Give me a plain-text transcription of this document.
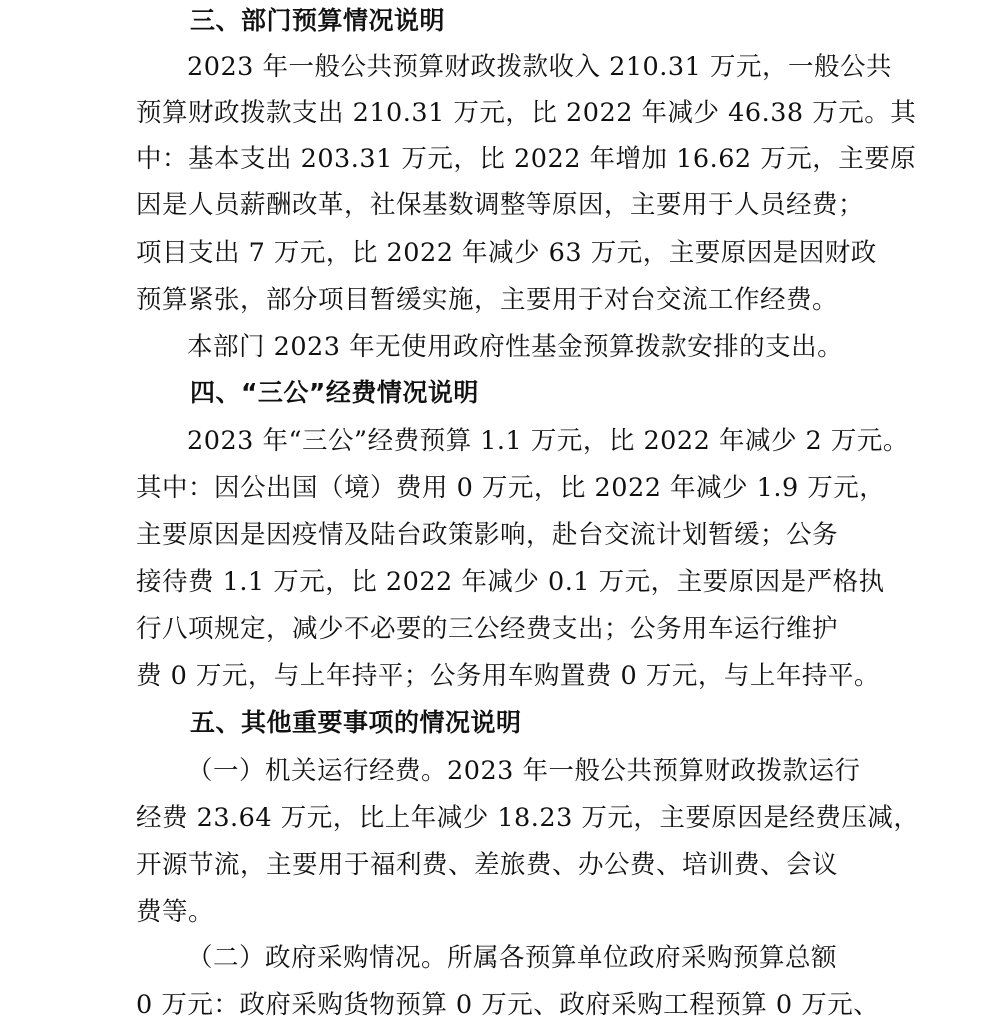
三、部门预算情况说明
2023 年一般公共预算财政拨款收入 210.31 万元，一般公共
预算财政拨款支出 210.31 万元，比 2022 年减少 46.38 万元。其
中：基本支出 203.31 万元，比 2022 年增加 16.62 万元，主要原
因是人员薪酬改革，社保基数调整等原因，主要用于人员经费；
项目支出 7 万元，比 2022 年减少 63 万元，主要原因是因财政
预算紧张，部分项目暂缓实施，主要用于对台交流工作经费。
本部门 2023 年无使用政府性基金预算拨款安排的支出。
四、“三公”经费情况说明
2023 年“三公”经费预算 1.1 万元，比 2022 年减少 2 万元。
其中：因公出国（境）费用 0 万元，比 2022 年减少 1.9 万元，
主要原因是因疫情及陆台政策影响，赴台交流计划暂缓；公务
接待费 1.1 万元，比 2022 年减少 0.1 万元，主要原因是严格执
行八项规定，减少不必要的三公经费支出；公务用车运行维护
费 0 万元，与上年持平；公务用车购置费 0 万元，与上年持平。
五、其他重要事项的情况说明
（一）机关运行经费。2023 年一般公共预算财政拨款运行
经费 23.64 万元，比上年减少 18.23 万元，主要原因是经费压减，
开源节流，主要用于福利费、差旅费、办公费、培训费、会议
费等。
（二）政府采购情况。所属各预算单位政府采购预算总额
0 万元：政府采购货物预算 0 万元、政府采购工程预算 0 万元、
